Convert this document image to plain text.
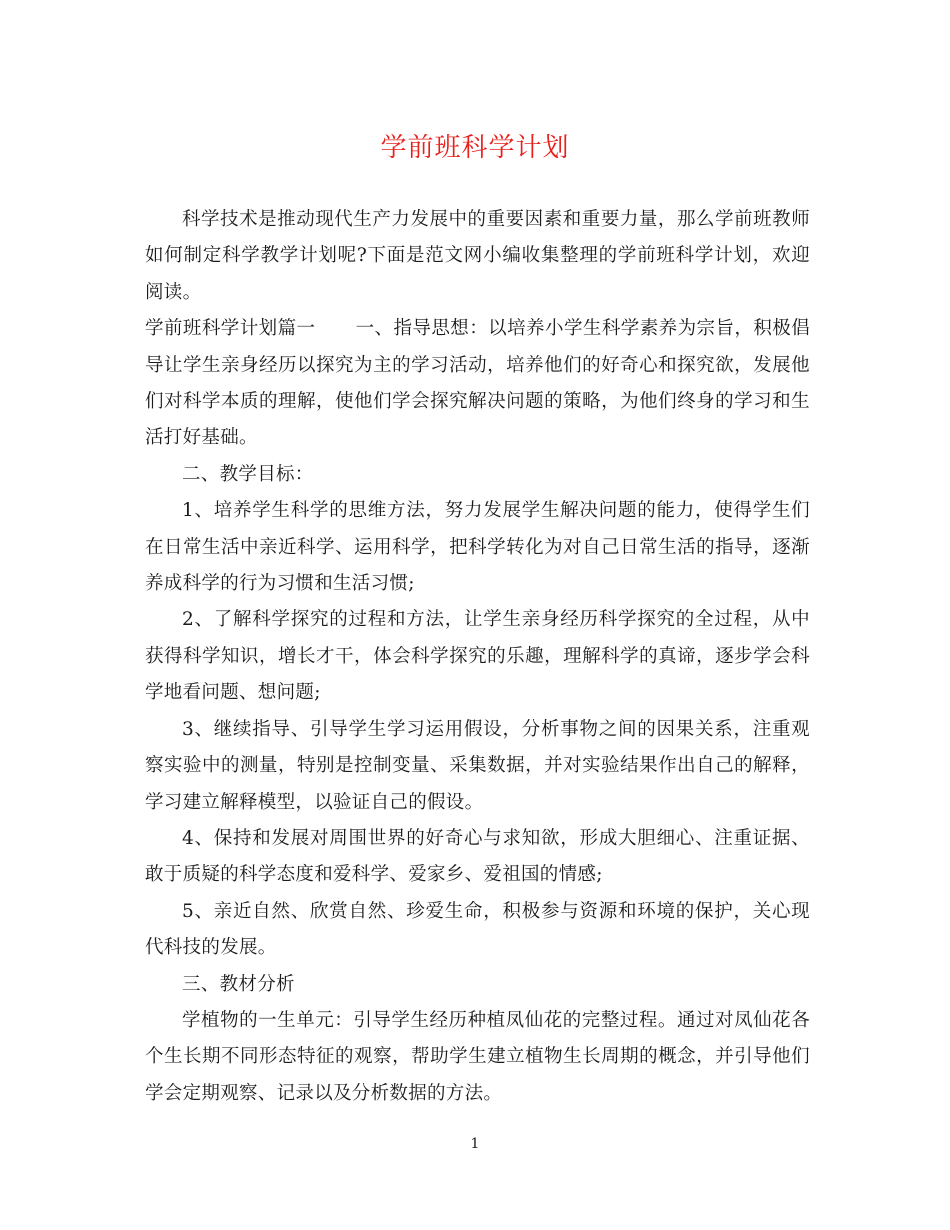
学前班科学计划

科学技术是推动现代生产力发展中的重要因素和重要力量，那么学前班教师如何制定科学教学计划呢?下面是范文网小编收集整理的学前班科学计划，欢迎阅读。

学前班科学计划篇一 一、指导思想：以培养小学生科学素养为宗旨，积极倡导让学生亲身经历以探究为主的学习活动，培养他们的好奇心和探究欲，发展他们对科学本质的理解，使他们学会探究解决问题的策略，为他们终身的学习和生活打好基础。

二、教学目标：

1、培养学生科学的思维方法，努力发展学生解决问题的能力，使得学生们在日常生活中亲近科学、运用科学，把科学转化为对自己日常生活的指导，逐渐养成科学的行为习惯和生活习惯;

2、了解科学探究的过程和方法，让学生亲身经历科学探究的全过程，从中获得科学知识，增长才干，体会科学探究的乐趣，理解科学的真谛，逐步学会科学地看问题、想问题;

3、继续指导、引导学生学习运用假设，分析事物之间的因果关系，注重观察实验中的测量，特别是控制变量、采集数据，并对实验结果作出自己的解释，学习建立解释模型，以验证自己的假设。

4、保持和发展对周围世界的好奇心与求知欲，形成大胆细心、注重证据、敢于质疑的科学态度和爱科学、爱家乡、爱祖国的情感;

5、亲近自然、欣赏自然、珍爱生命，积极参与资源和环境的保护，关心现代科技的发展。

三、教材分析

学植物的一生单元：引导学生经历种植凤仙花的完整过程。通过对凤仙花各个生长期不同形态特征的观察，帮助学生建立植物生长周期的概念，并引导他们学会定期观察、记录以及分析数据的方法。

1
